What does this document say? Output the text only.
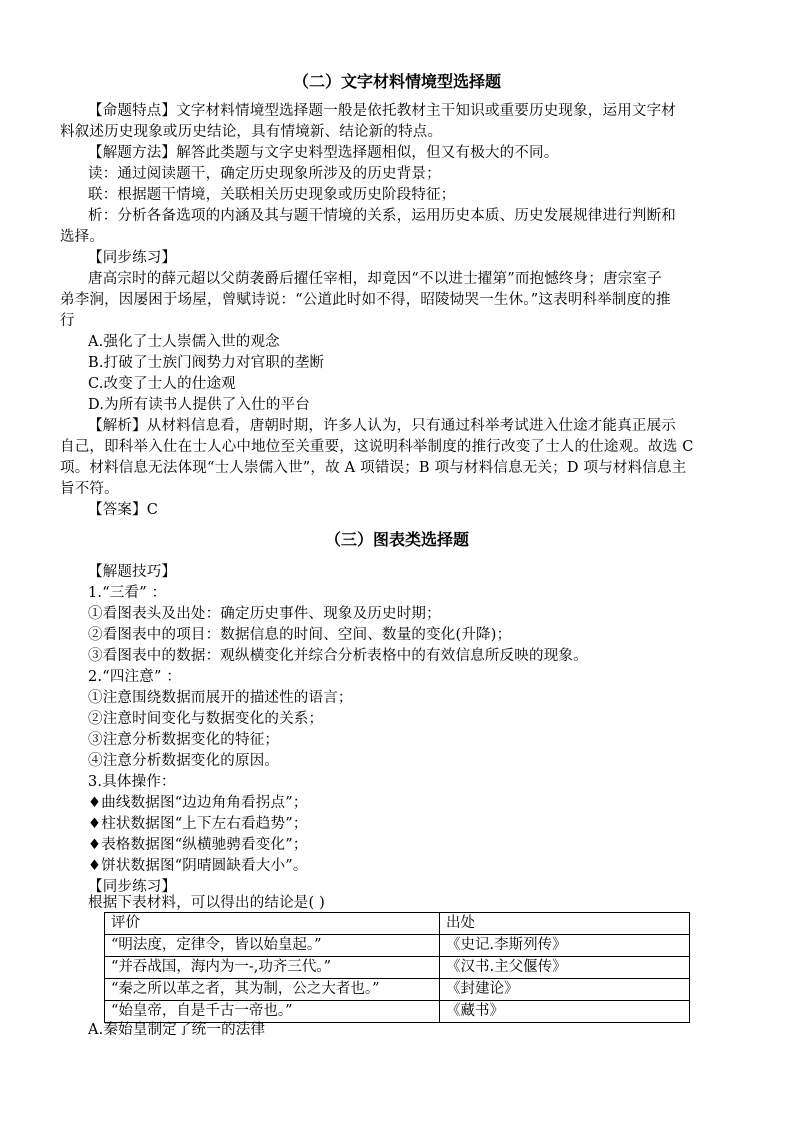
（二）文字材料情境型选择题
【命题特点】文字材料情境型选择题一般是依托教材主干知识或重要历史现象，运用文字材
料叙述历史现象或历史结论，具有情境新、结论新的特点。
【解题方法】解答此类题与文字史料型选择题相似，但又有极大的不同。
读：通过阅读题干，确定历史现象所涉及的历史背景；
联：根据题干情境，关联相关历史现象或历史阶段特征；
析：分析各备选项的内涵及其与题干情境的关系，运用历史本质、历史发展规律进行判断和
选择。
【同步练习】
唐高宗时的薛元超以父荫袭爵后擢任宰相，却竟因“不以进士擢第”而抱憾终身；唐宗室子
弟李涧，因屡困于场屋，曾赋诗说：“公道此时如不得，昭陵恸哭一生休。”这表明科举制度的推
行
A.强化了士人崇儒入世的观念
B.打破了士族门阀势力对官职的垄断
C.改变了士人的仕途观
D.为所有读书人提供了入仕的平台
【解析】从材料信息看，唐朝时期，许多人认为，只有通过科举考试进入仕途才能真正展示
自己，即科举入仕在士人心中地位至关重要，这说明科举制度的推行改变了士人的仕途观。故选 C
项。材料信息无法体现“士人崇儒入世”，故 A 项错误；B 项与材料信息无关；D 项与材料信息主
旨不符。
【答案】C
（三）图表类选择题
【解题技巧】
1.“三看” ：
①看图表头及出处：确定历史事件、现象及历史时期；
②看图表中的项目：数据信息的时间、空间、数量的变化(升降)；
③看图表中的数据：观纵横变化并综合分析表格中的有效信息所反映的现象。
2.“四注意” ：
①注意围绕数据而展开的描述性的语言；
②注意时间变化与数据变化的关系；
③注意分析数据变化的特征；
④注意分析数据变化的原因。
3.具体操作：
♦曲线数据图“边边角角看拐点”；
♦柱状数据图“上下左右看趋势”；
♦表格数据图“纵横驰骋看变化”；
♦饼状数据图“阴晴圆缺看大小”。
【同步练习】
根据下表材料，可以得出的结论是( )
评价	出处
“明法度，定律令，皆以始皇起。”	《史记.李斯列传》
“并吞战国，海内为一-,功齐三代。”	《汉书.主父偃传》
“秦之所以革之者，其为制，公之大者也。”	《封建论》
“始皇帝，自是千古一帝也。”	《藏书》
A.秦始皇制定了统一的法律
